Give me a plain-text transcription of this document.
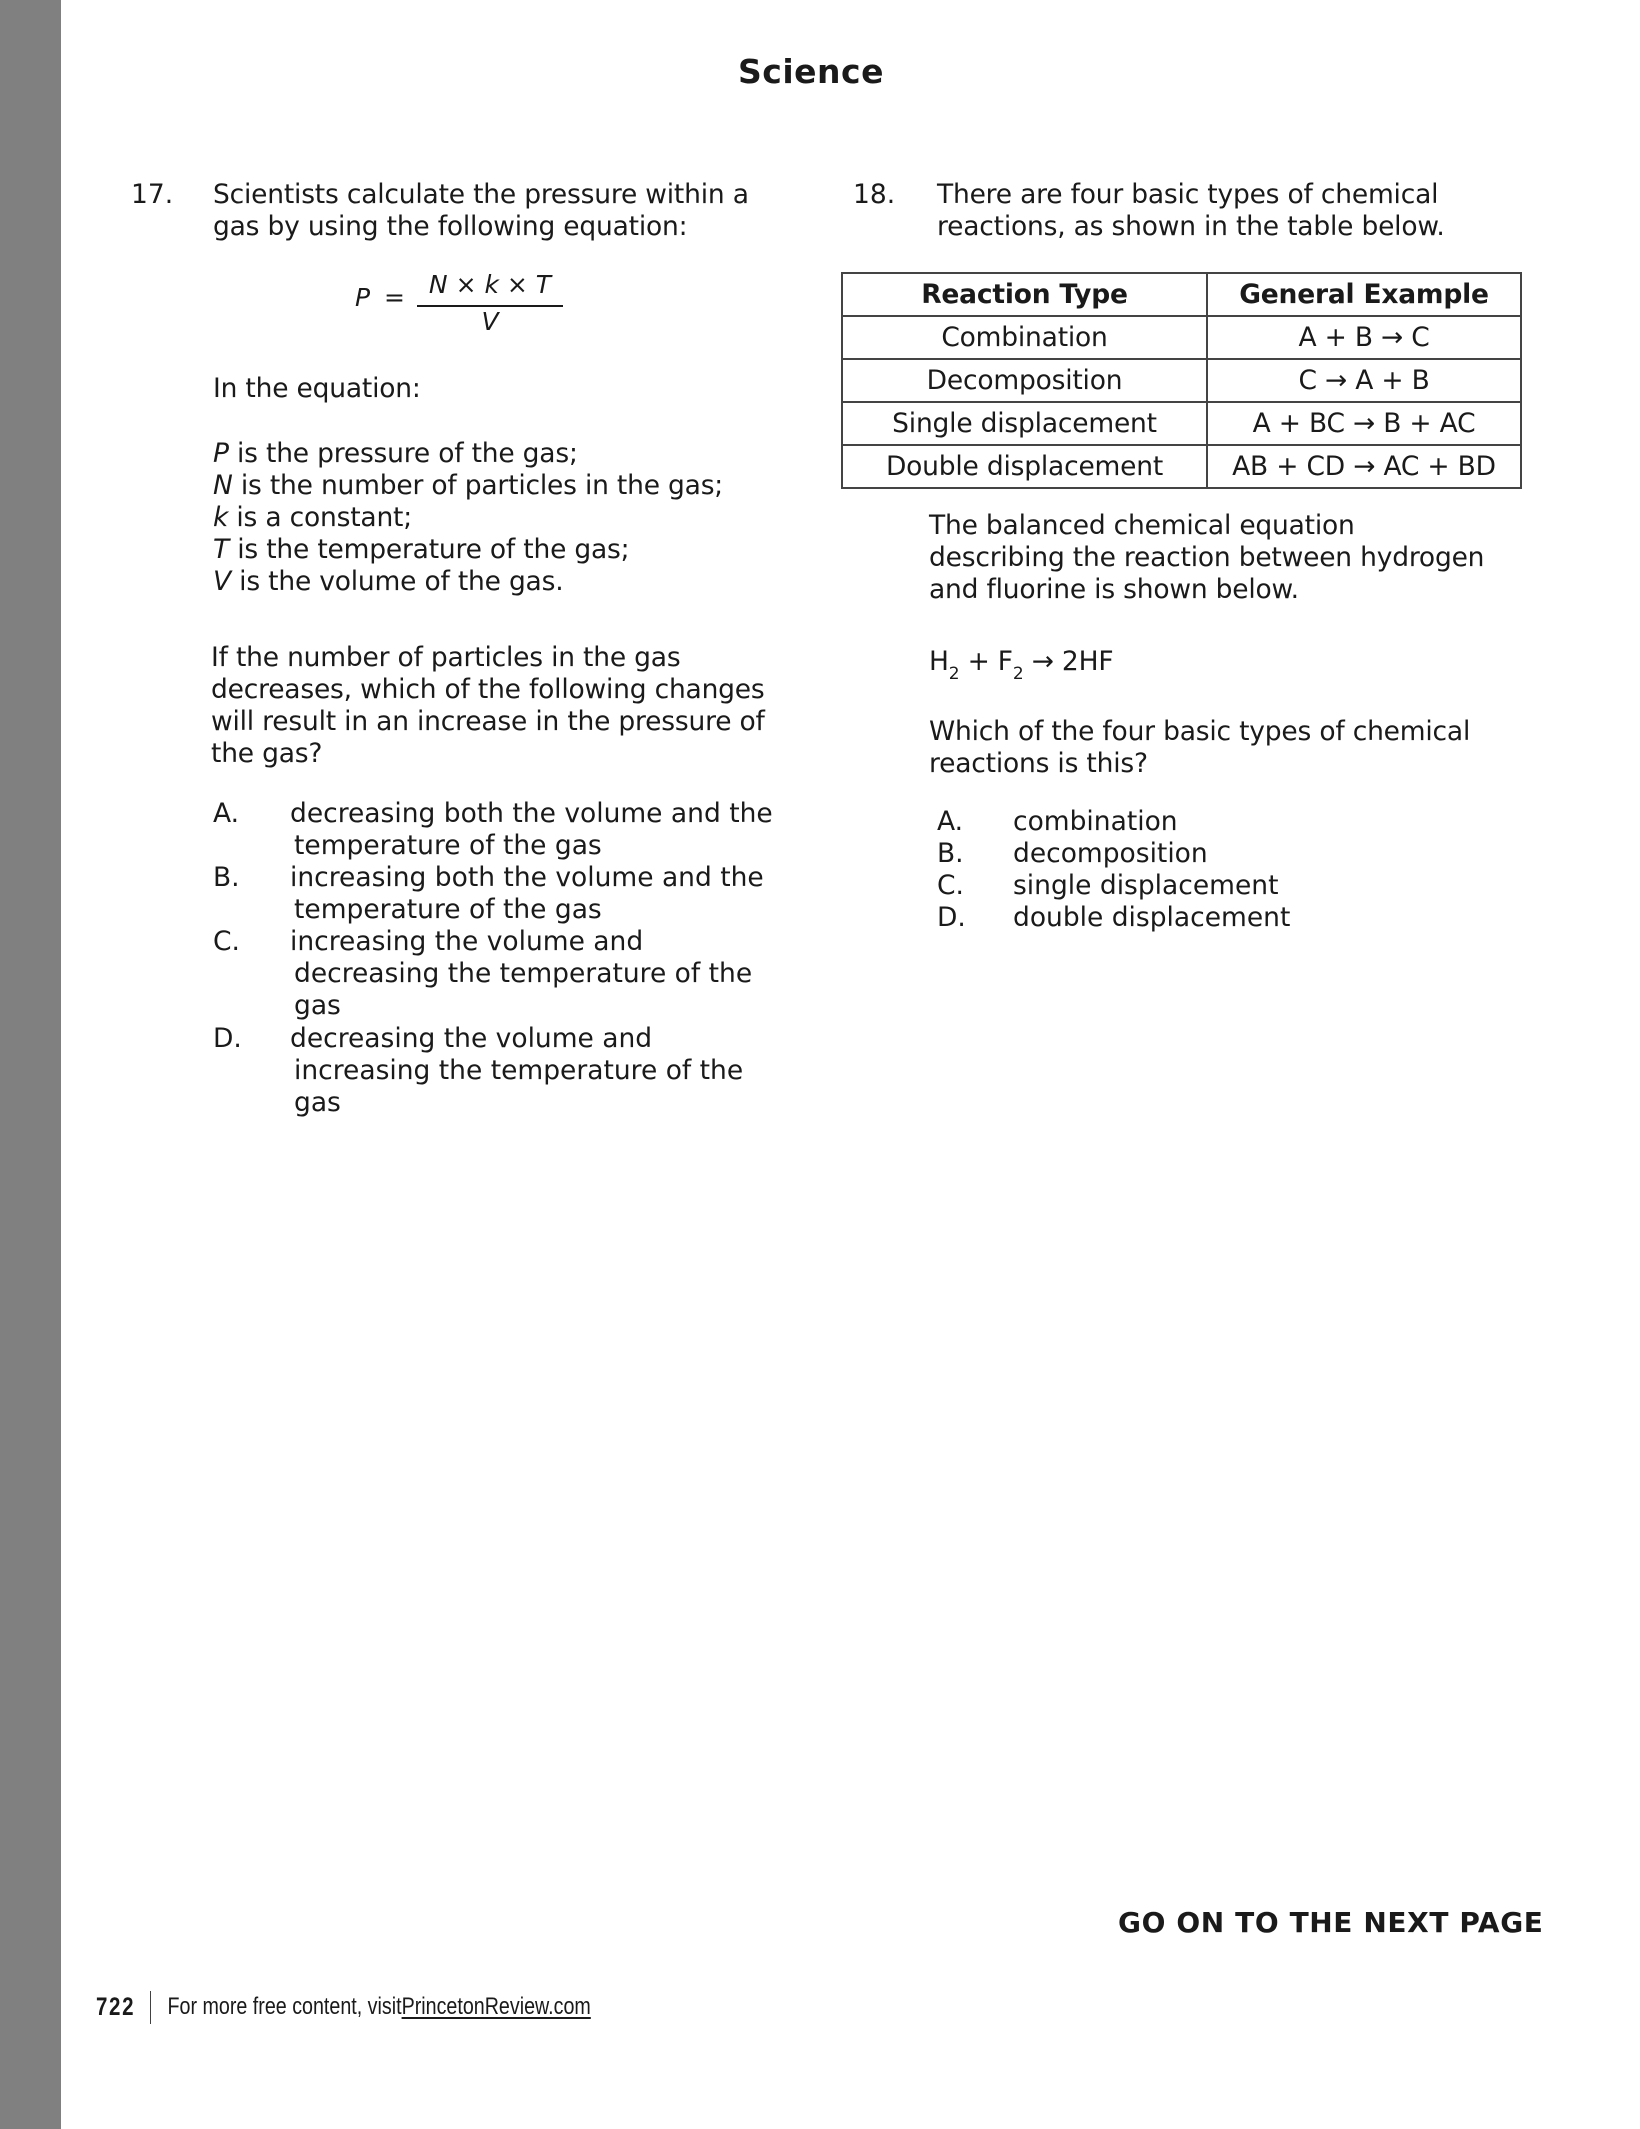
Science
17. Scientists calculate the pressure within a
gas by using the following equation:
P = N × k × T
V
In the equation:
P is the pressure of the gas;
N is the number of particles in the gas;
k is a constant;
T is the temperature of the gas;
V is the volume of the gas.
If the number of particles in the gas
decreases, which of the following changes
will result in an increase in the pressure of
the gas?
A. decreasing both the volume and the
temperature of the gas
B. increasing both the volume and the
temperature of the gas
C. increasing the volume and
decreasing the temperature of the
gas
D. decreasing the volume and
increasing the temperature of the
gas
18. There are four basic types of chemical
reactions, as shown in the table below.
Reaction Type	General Example
Combination	A + B → C
Decomposition	C → A + B
Single displacement	A + BC → B + AC
Double displacement	AB + CD → AC + BD
The balanced chemical equation
describing the reaction between hydrogen
and fluorine is shown below.
$H_2 + F_2 \to 2HF$
Which of the four basic types of chemical
reactions is this?
A. combination
B. decomposition
C. single displacement
D. double displacement
GO ON TO THE NEXT PAGE
722 For more free content, visit PrincetonReview.com
